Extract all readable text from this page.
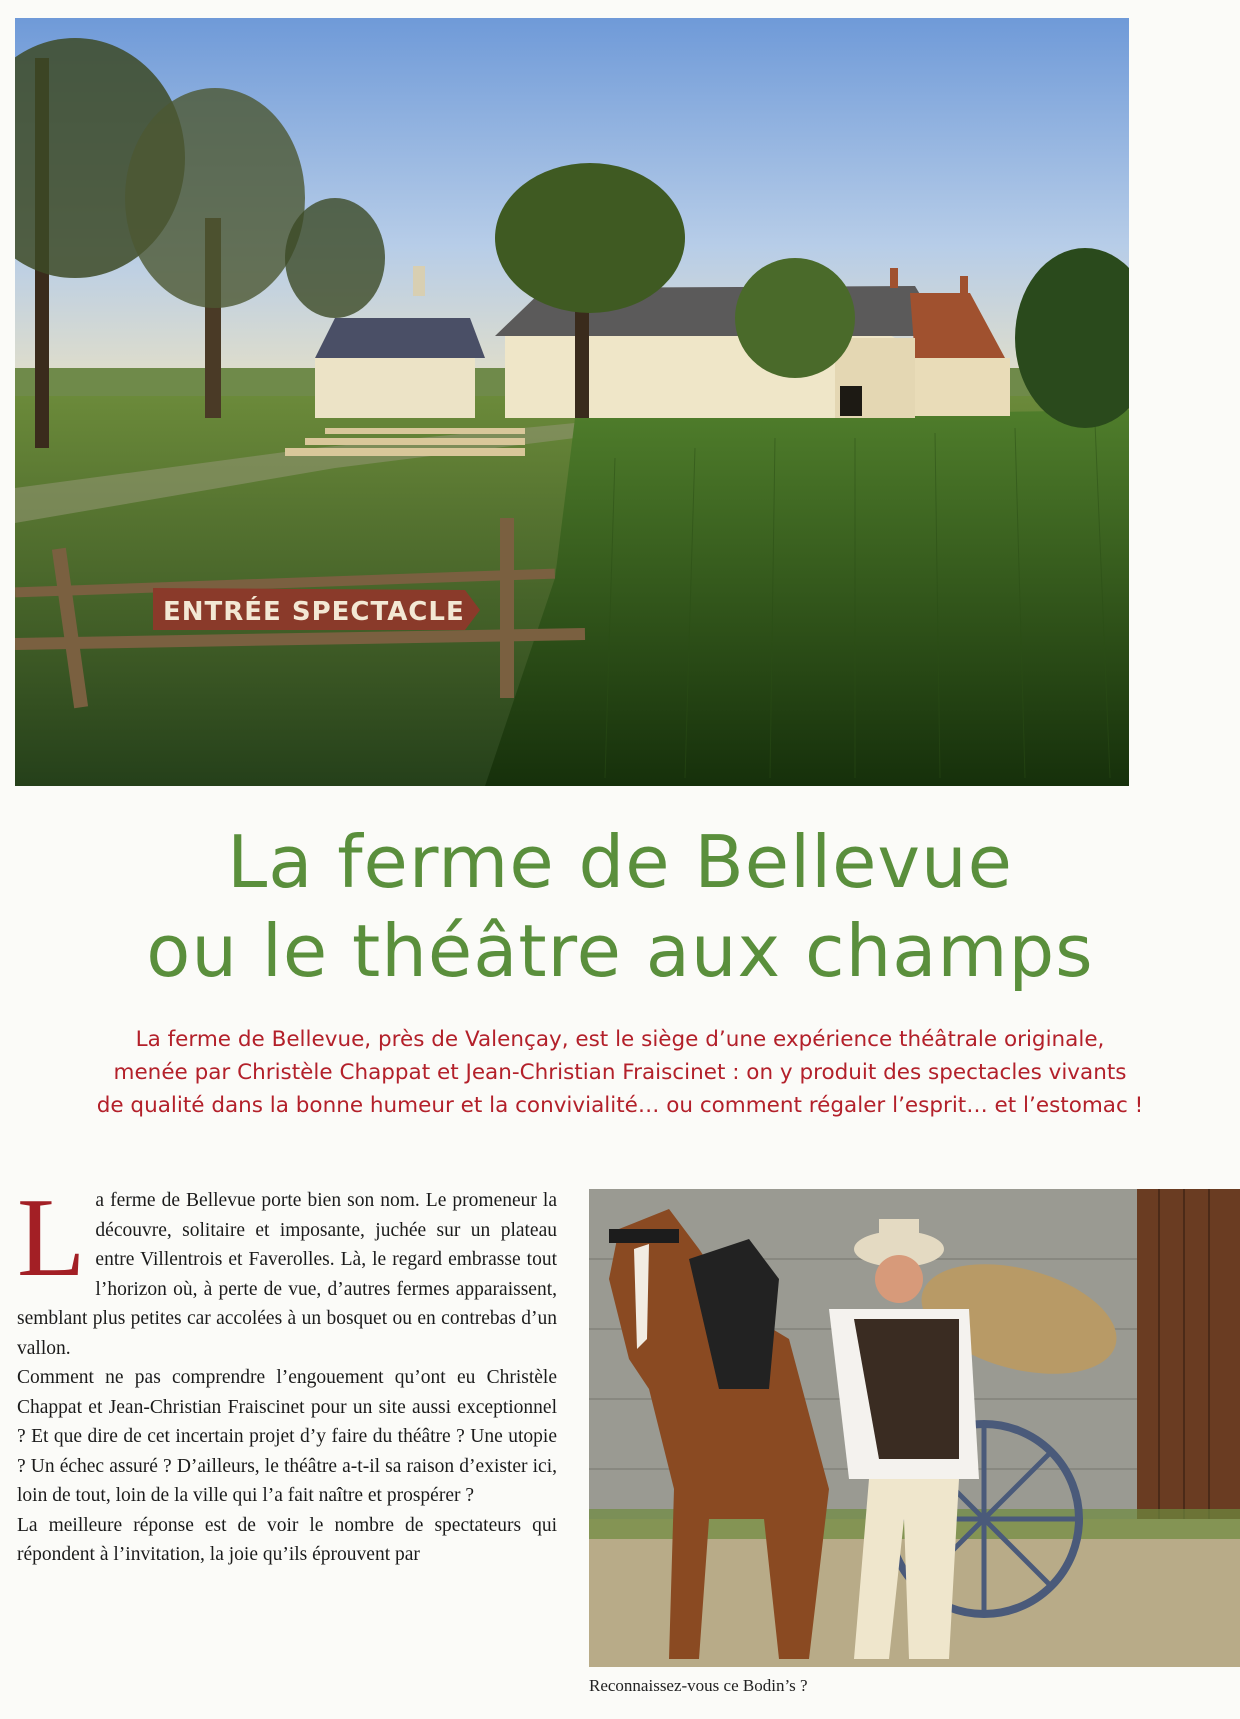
ENTRÉE SPECTACLE
La ferme de Bellevue
ou le théâtre aux champs
La ferme de Bellevue, près de Valençay, est le siège d’une expérience théâtrale originale,
menée par Christèle Chappat et Jean-Christian Fraiscinet : on y produit des spectacles vivants
de qualité dans la bonne humeur et la convivialité… ou comment régaler l’esprit… et l’estomac !

L a ferme de Bellevue porte bien son nom. Le promeneur la découvre, solitaire et imposante, juchée sur un plateau entre Villentrois et Faverolles. Là, le regard embrasse tout l’horizon où, à perte de vue, d’autres fermes apparaissent, semblant plus petites car accolées à un bosquet ou en contrebas d’un vallon.

Comment ne pas comprendre l’engouement qu’ont eu Christèle Chappat et Jean-Christian Fraiscinet pour un site aussi exceptionnel ? Et que dire de cet incertain projet d’y faire du théâtre ? Une utopie ? Un échec assuré ? D’ailleurs, le théâtre a-t-il sa raison d’exister ici, loin de tout, loin de la ville qui l’a fait naître et prospérer ?

La meilleure réponse est de voir le nombre de spectateurs qui répondent à l’invitation, la joie qu’ils éprouvent par

Reconnaissez-vous ce Bodin’s ?
